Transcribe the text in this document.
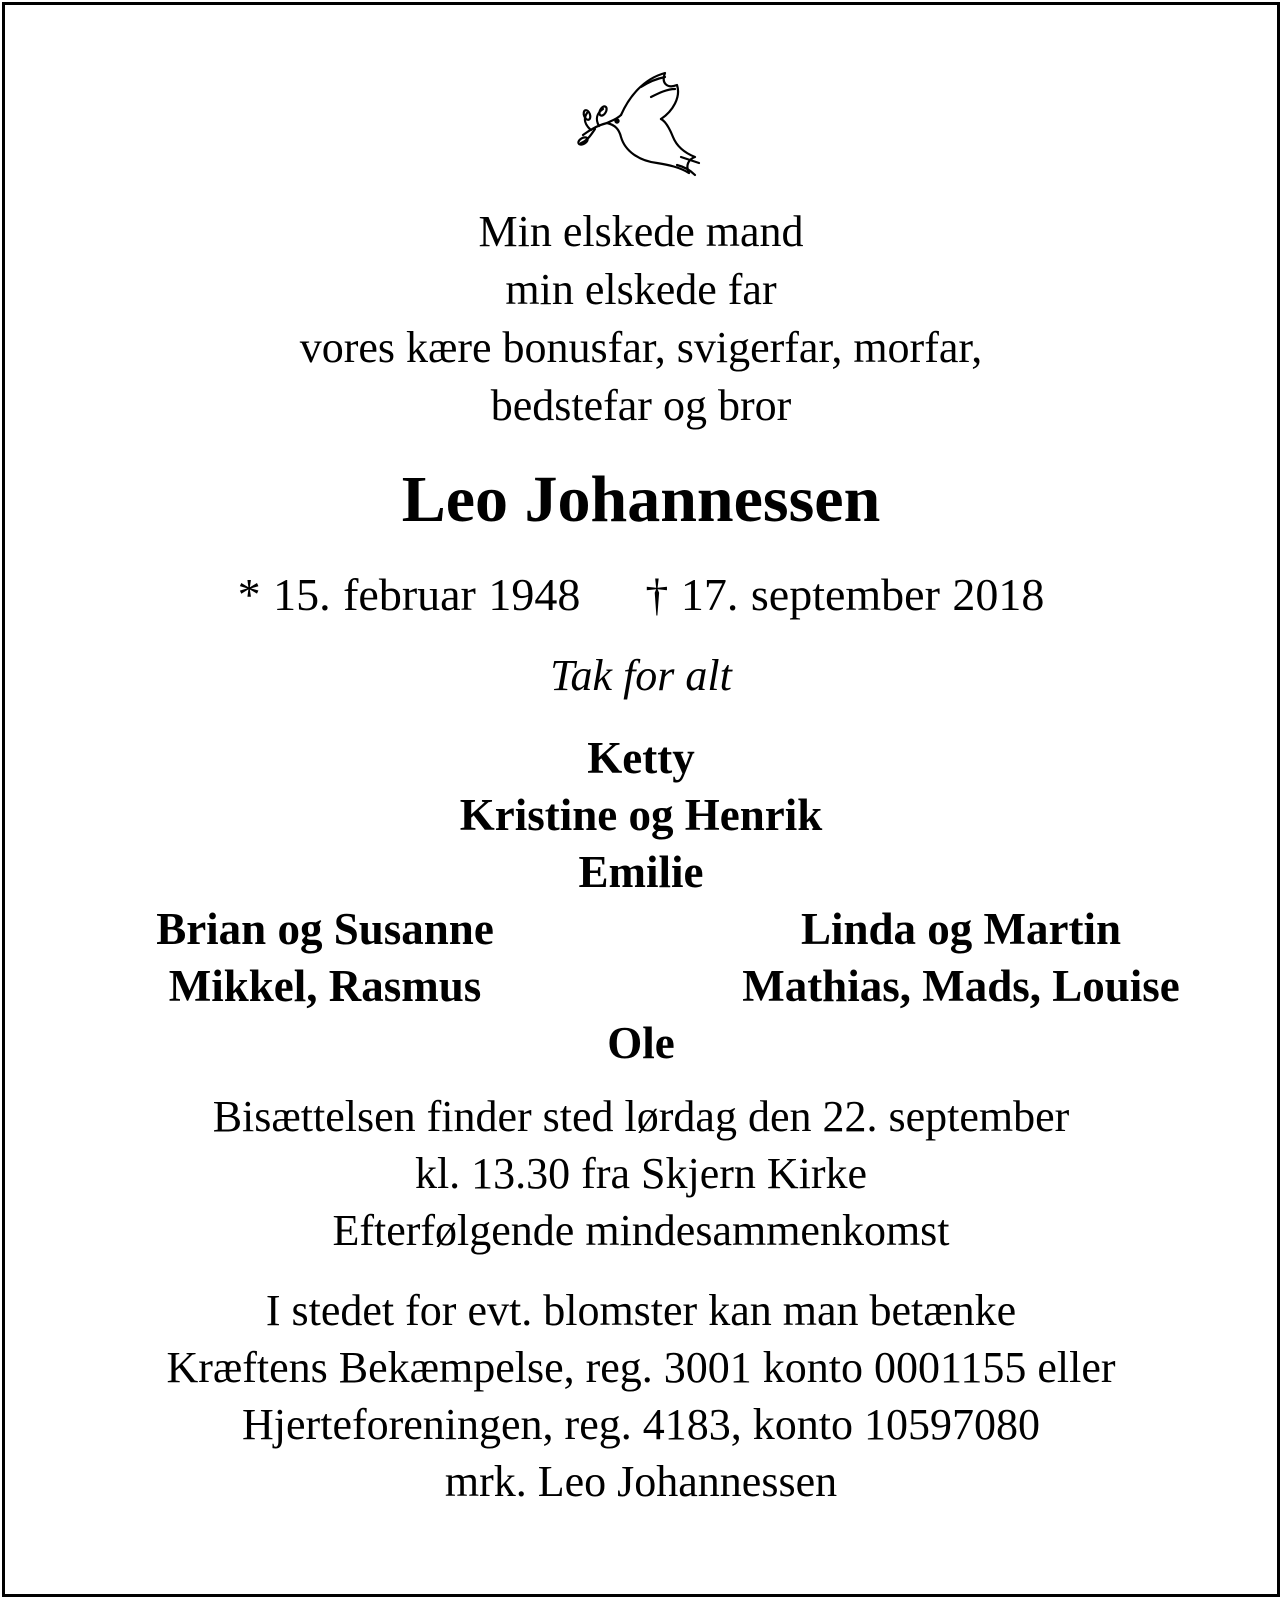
Min elskede mand
min elskede far
vores kære bonusfar, svigerfar, morfar,
bedstefar og bror
Leo Johannessen
* 15. februar 1948 † 17. september 2018
Tak for alt
Ketty
Kristine og Henrik
Emilie
Brian og Susanne
Mikkel, Rasmus
Linda og Martin
Mathias, Mads, Louise
Ole
Bisættelsen finder sted lørdag den 22. september
kl. 13.30 fra Skjern Kirke
Efterfølgende mindesammenkomst
I stedet for evt. blomster kan man betænke
Kræftens Bekæmpelse, reg. 3001 konto 0001155 eller
Hjerteforeningen, reg. 4183, konto 10597080
mrk. Leo Johannessen
